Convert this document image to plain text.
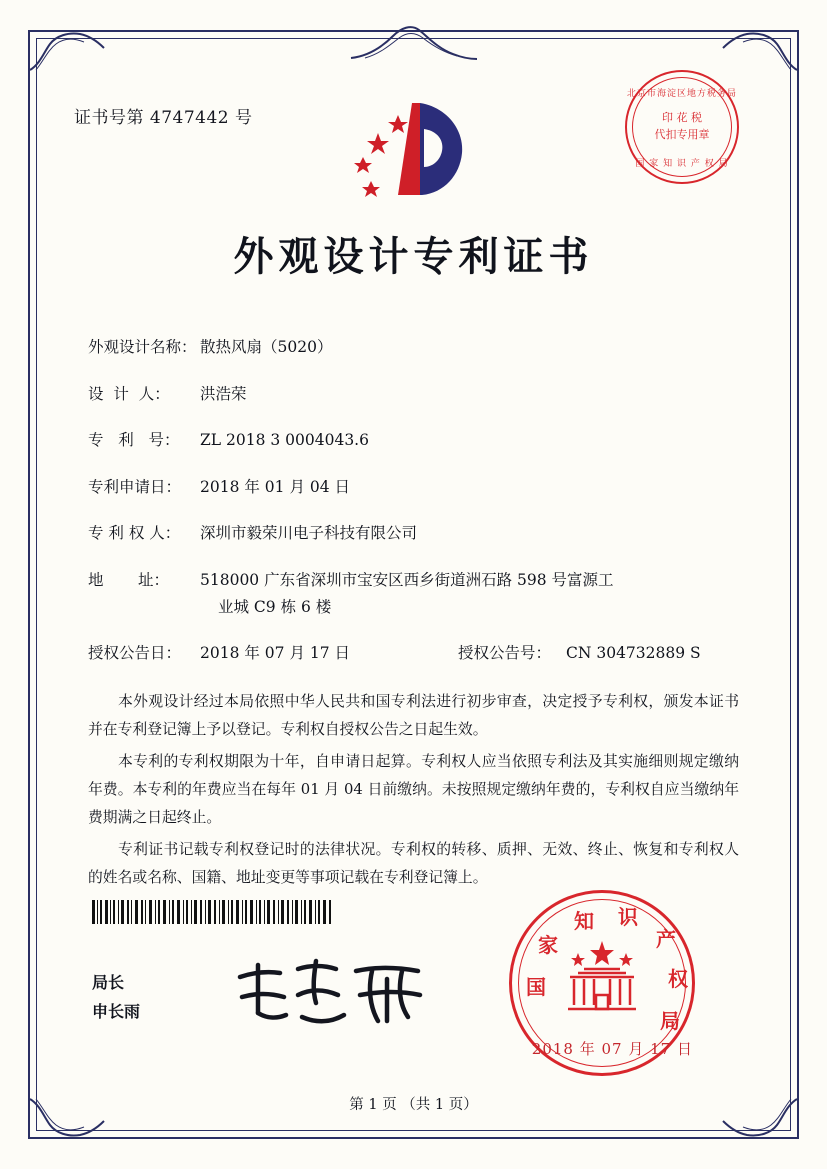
证书号第 4747442 号
北京市海淀区地方税务局
印 花 税
代扣专用章
国 家 知 识 产 权 局
外观设计专利证书
外观设计名称： 散热风扇（5020）
设  计  人：	洪浩荣
专   利   号：	ZL 2018 3 0004043.6
专利申请日：	2018 年 01 月 04 日
专 利 权 人：	深圳市毅荣川电子科技有限公司
地       址：	518000 广东省深圳市宝安区西乡街道洲石路 598 号富源工
业城 C9 栋 6 楼
授权公告日：	2018 年 07 月 17 日	授权公告号： CN 304732889 S

本外观设计经过本局依照中华人民共和国专利法进行初步审查，决定授予专利权，颁发本证书并在专利登记簿上予以登记。专利权自授权公告之日起生效。

本专利的专利权期限为十年，自申请日起算。专利权人应当依照专利法及其实施细则规定缴纳年费。本专利的年费应当在每年 01 月 04 日前缴纳。未按照规定缴纳年费的，专利权自应当缴纳年费期满之日起终止。

专利证书记载专利权登记时的法律状况。专利权的转移、质押、无效、终止、恢复和专利权人的姓名或名称、国籍、地址变更等事项记载在专利登记簿上。

局长
申长雨
国
家
知 识
产
权
局
2018 年 07 月 17 日
第 1 页 （共 1 页）
